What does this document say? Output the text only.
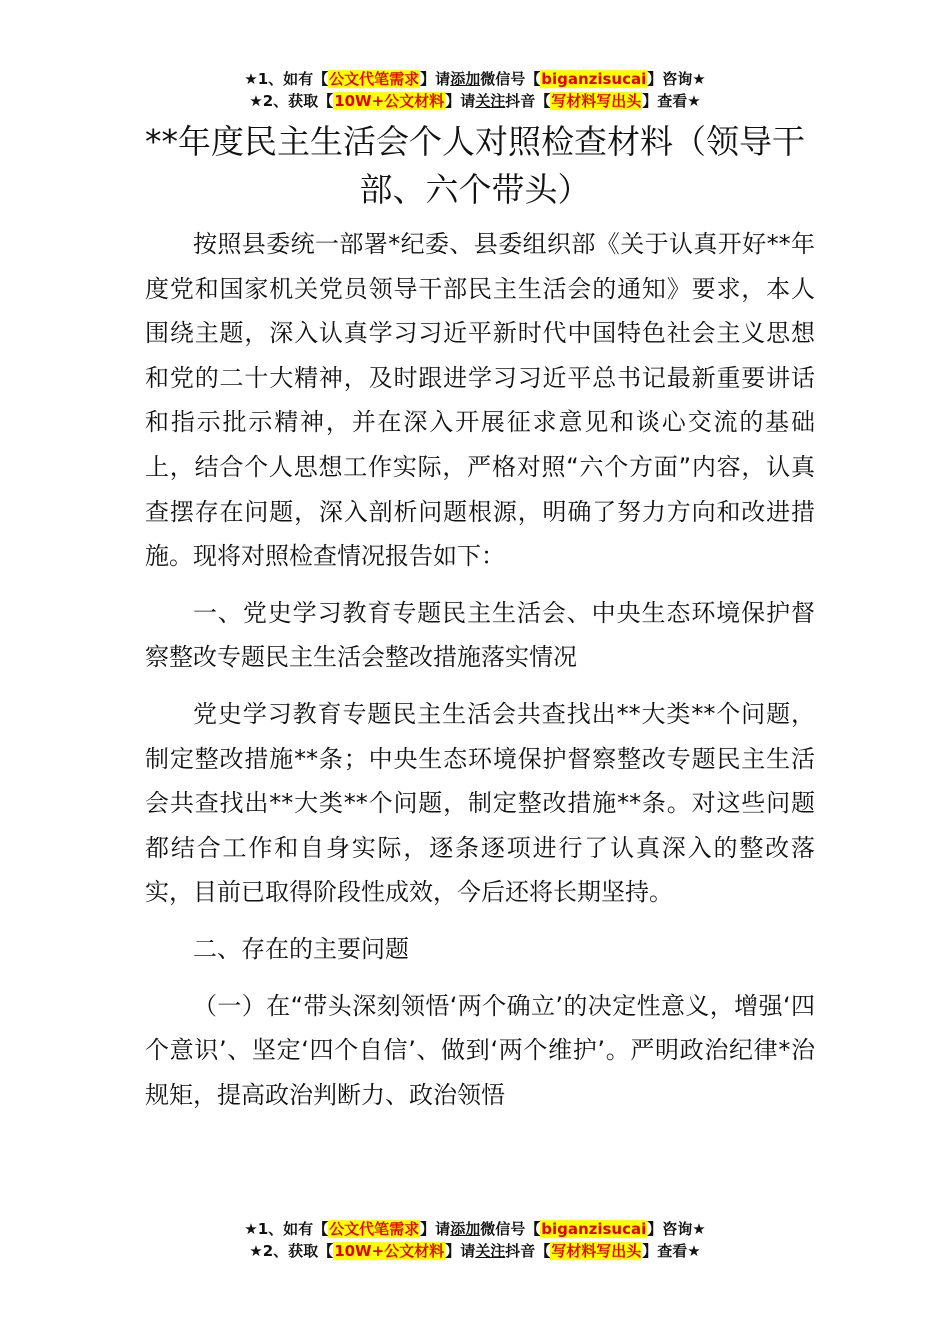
★1、如有【公文代笔需求】请添加微信号【biganzisucai】咨询★
★2、获取【10W+公文材料】请关注抖音【写材料写出头】查看★
**年度民主生活会个人对照检查材料（领导干部、六个带头）

按照县委统一部署*纪委、县委组织部《关于认真开好**年度党和国家机关党员领导干部民主生活会的通知》要求，本人围绕主题，深入认真学习习近平新时代中国特色社会主义思想和党的二十大精神，及时跟进学习习近平总书记最新重要讲话和指示批示精神，并在深入开展征求意见和谈心交流的基础上，结合个人思想工作实际，严格对照“六个方面”内容，认真查摆存在问题，深入剖析问题根源，明确了努力方向和改进措施。现将对照检查情况报告如下：

一、党史学习教育专题民主生活会、中央生态环境保护督察整改专题民主生活会整改措施落实情况

党史学习教育专题民主生活会共查找出**大类**个问题，制定整改措施**条；中央生态环境保护督察整改专题民主生活会共查找出**大类**个问题，制定整改措施**条。对这些问题都结合工作和自身实际，逐条逐项进行了认真深入的整改落实，目前已取得阶段性成效，今后还将长期坚持。

二、存在的主要问题

（一）在“带头深刻领悟‘两个确立’的决定性意义，增强‘四个意识’、坚定‘四个自信’、做到‘两个维护’。严明政治纪律*治规矩，提高政治判断力、政治领悟

★1、如有【公文代笔需求】请添加微信号【biganzisucai】咨询★
★2、获取【10W+公文材料】请关注抖音【写材料写出头】查看★
